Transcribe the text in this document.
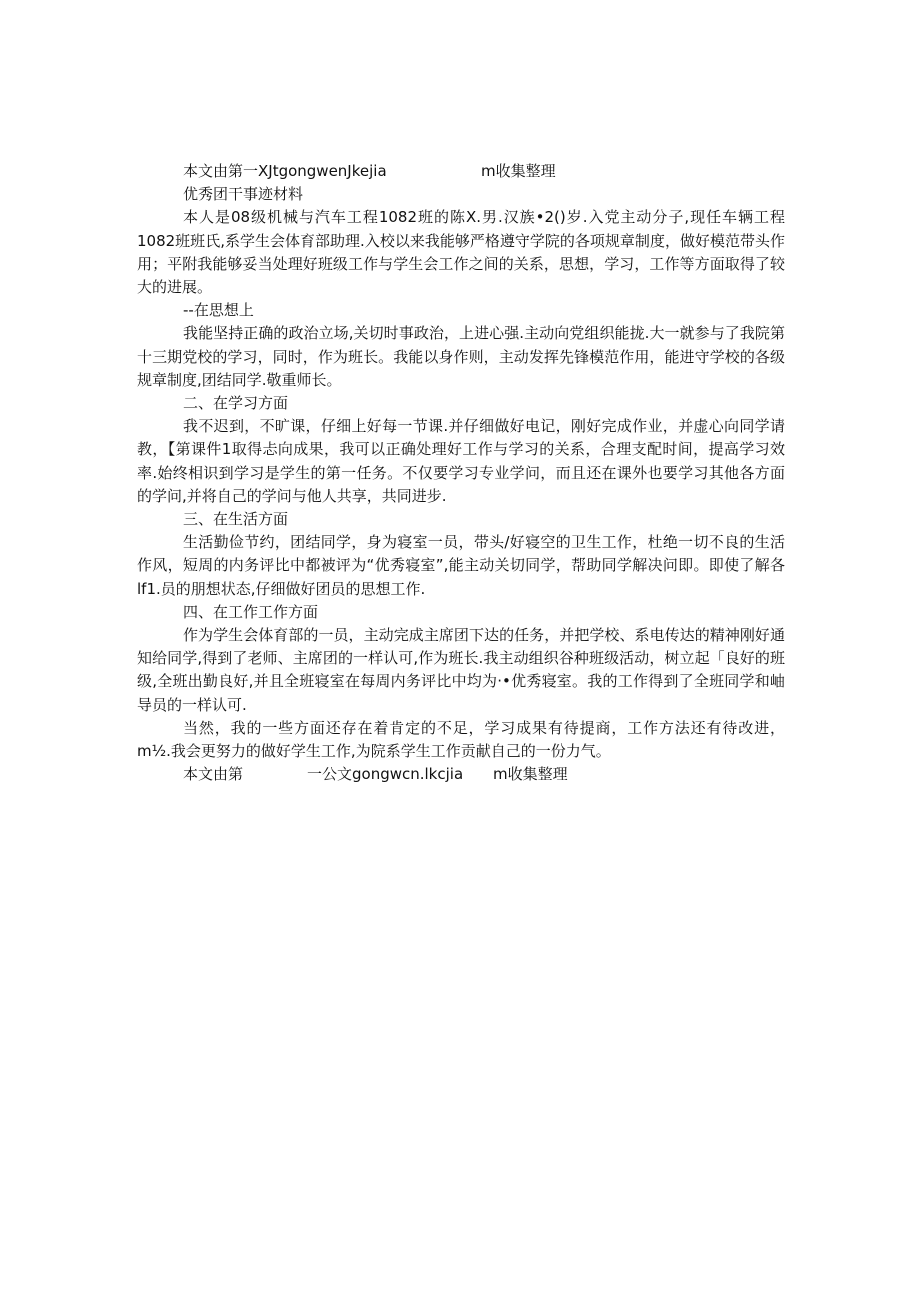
本文由第一XJtgongwenJkejia	m收集整理
优秀团干事迹材料

本人是08级机械与汽车工程1082班的陈X.男.汉族•2()岁.入党主动分子,现任车辆工程1082班班氏,系学生会体育部助理.入校以来我能够严格遵守学院的各项规章制度，做好模范带头作用；平附我能够妥当处理好班级工作与学生会工作之间的关系，思想，学习，工作等方面取得了较大的进展。

--在思想上

我能坚持正确的政治立场,关切时事政治，上进心强.主动向党组织能拢.大一就参与了我院第十三期党校的学习，同时，作为班长。我能以身作则，主动发挥先锋模范作用，能进守学校的各级规章制度,团结同学.敬重师长。

二、在学习方面

我不迟到，不旷课，仔细上好每一节课.并仔细做好电记，刚好完成作业，并虚心向同学请教，【第课件1取得忐向成果，我可以正确处理好工作与学习的关系，合理支配时间，提高学习效率.始终相识到学习是学生的第一任务。不仅要学习专业学问，而且还在课外也要学习其他各方面的学问,并将自己的学问与他人共享，共同进步.

三、在生活方面

生活勤俭节约，团结同学，身为寝室一员，带头/好寝空的卫生工作，杜绝一切不良的生活作风，短周的内务评比中都被评为“优秀寝室”,能主动关切同学，帮助同学解决问即。即使了解各lf1.员的朋想状态,仔细做好团员的思想工作.

四、在工作工作方面

作为学生会体育部的一员，主动完成主席团下达的任务，并把学校、系电传达的精神刚好通知给同学,得到了老师、主席团的一样认可,作为班长.我主动组织谷种班级活动，树立起「良好的班级,全班出勤良好,并且全班寝室在每周内务评比中均为·•优秀寝室。我的工作得到了全班同学和岫导员的一样认可.

当然，我的一些方面还存在着肯定的不足，学习成果有待提商，工作方法还有待改进，m½.我会更努力的做好学生工作,为院系学生工作贡献自己的一份力气。

本文由第	一公文gongwcn.lkcjia	m收集整理
